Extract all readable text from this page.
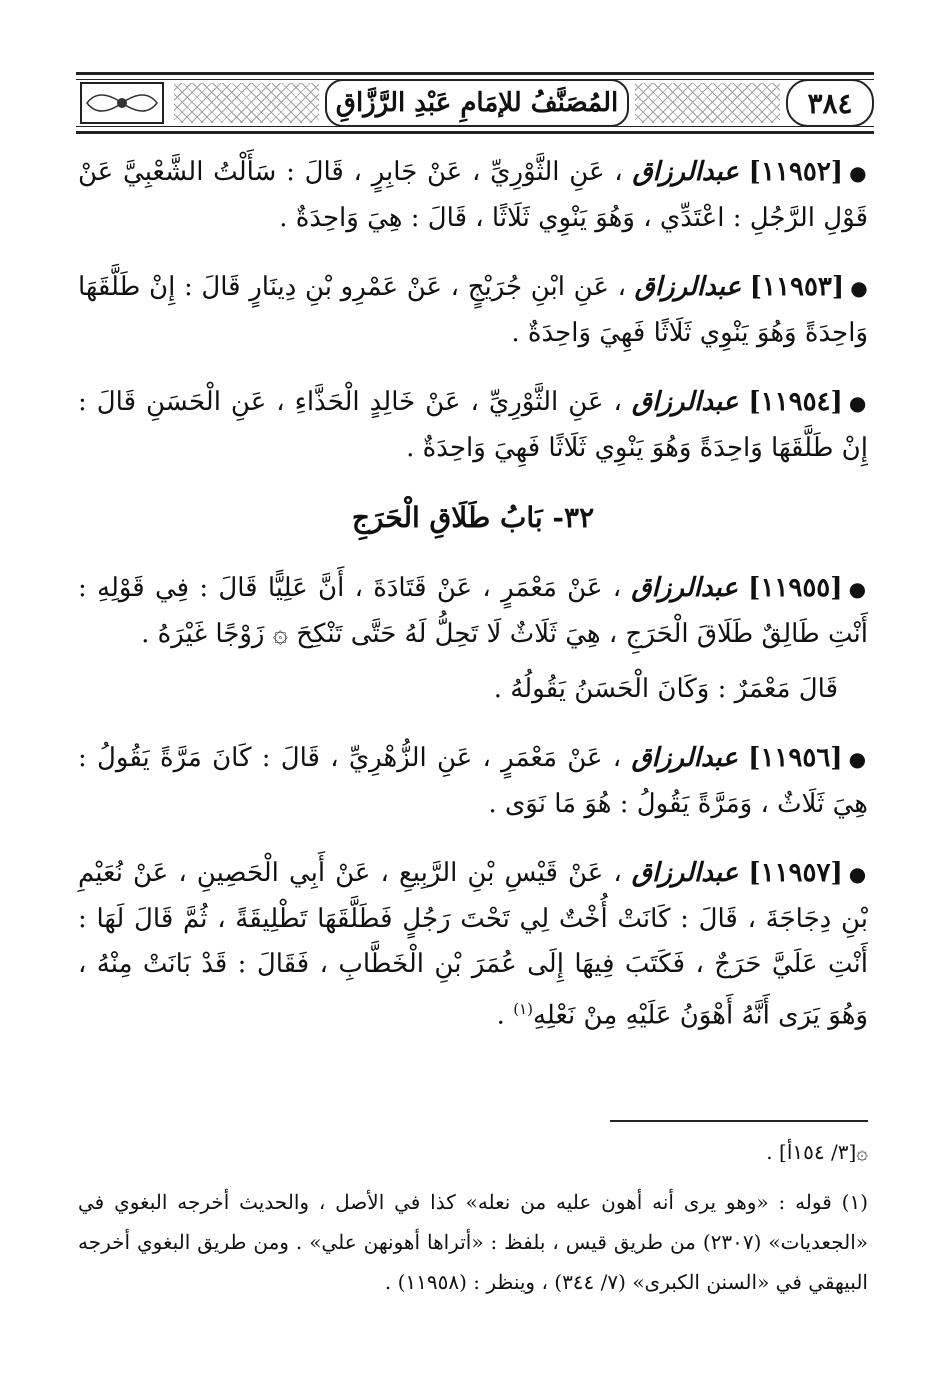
المُصَنَّفُ للإمَامِ عَبْدِ الرَّزَّاقِ	٣٨٤
●[١١٩٥٢] عبدالرزاق ، عَنِ الثَّوْرِيِّ ، عَنْ جَابِرٍ ، قَالَ : سَأَلْتُ الشَّعْبِيَّ عَنْ قَوْلِ الرَّجُلِ : اعْتَدِّي ، وَهُوَ يَنْوِي ثَلَاثًا ، قَالَ : هِيَ وَاحِدَةٌ .
●[١١٩٥٣] عبدالرزاق ، عَنِ ابْنِ جُرَيْجٍ ، عَنْ عَمْرِو بْنِ دِينَارٍ قَالَ : إِنْ طَلَّقَهَا وَاحِدَةً وَهُوَ يَنْوِي ثَلَاثًا فَهِيَ وَاحِدَةٌ .
●[١١٩٥٤] عبدالرزاق ، عَنِ الثَّوْرِيِّ ، عَنْ خَالِدٍ الْحَذَّاءِ ، عَنِ الْحَسَنِ قَالَ : إِنْ طَلَّقَهَا وَاحِدَةً وَهُوَ يَنْوِي ثَلَاثًا فَهِيَ وَاحِدَةٌ .
٣٢- بَابُ طَلَاقِ الْحَرَجِ
●[١١٩٥٥] عبدالرزاق ، عَنْ مَعْمَرٍ ، عَنْ قَتَادَةَ ، أَنَّ عَلِيًّا قَالَ : فِي قَوْلِهِ : أَنْتِ طَالِقٌ طَلَاقَ الْحَرَجِ ، هِيَ ثَلَاثٌ لَا تَحِلُّ لَهُ حَتَّى تَنْكِحَ ۞ زَوْجًا غَيْرَهُ .
قَالَ مَعْمَرٌ : وَكَانَ الْحَسَنُ يَقُولُهُ .
●[١١٩٥٦] عبدالرزاق ، عَنْ مَعْمَرٍ ، عَنِ الزُّهْرِيِّ ، قَالَ : كَانَ مَرَّةً يَقُولُ : هِيَ ثَلَاثٌ ، وَمَرَّةً يَقُولُ : هُوَ مَا نَوَى .
●[١١٩٥٧] عبدالرزاق ، عَنْ قَيْسِ بْنِ الرَّبِيعِ ، عَنْ أَبِي الْحَصِينِ ، عَنْ نُعَيْمِ بْنِ دِجَاجَةَ ، قَالَ : كَانَتْ أُخْتٌ لِي تَحْتَ رَجُلٍ فَطَلَّقَهَا تَطْلِيقَةً ، ثُمَّ قَالَ لَهَا : أَنْتِ عَلَيَّ حَرَجٌ ، فَكَتَبَ فِيهَا إِلَى عُمَرَ بْنِ الْخَطَّابِ ، فَقَالَ : قَدْ بَانَتْ مِنْهُ ، وَهُوَ يَرَى أَنَّهُ أَهْوَنُ عَلَيْهِ مِنْ نَعْلِهِ$^{(١)}$ .
۞[٣/ ١٥٤أ] .
(١) قوله : «وهو يرى أنه أهون عليه من نعله» كذا في الأصل ، والحديث أخرجه البغوي في «الجعديات» (٢٣٠٧) من طريق قيس ، بلفظ : «أتراها أهونهن علي» . ومن طريق البغوي أخرجه البيهقي في «السنن الكبرى» (٧/ ٣٤٤) ، وينظر : (١١٩٥٨) .
